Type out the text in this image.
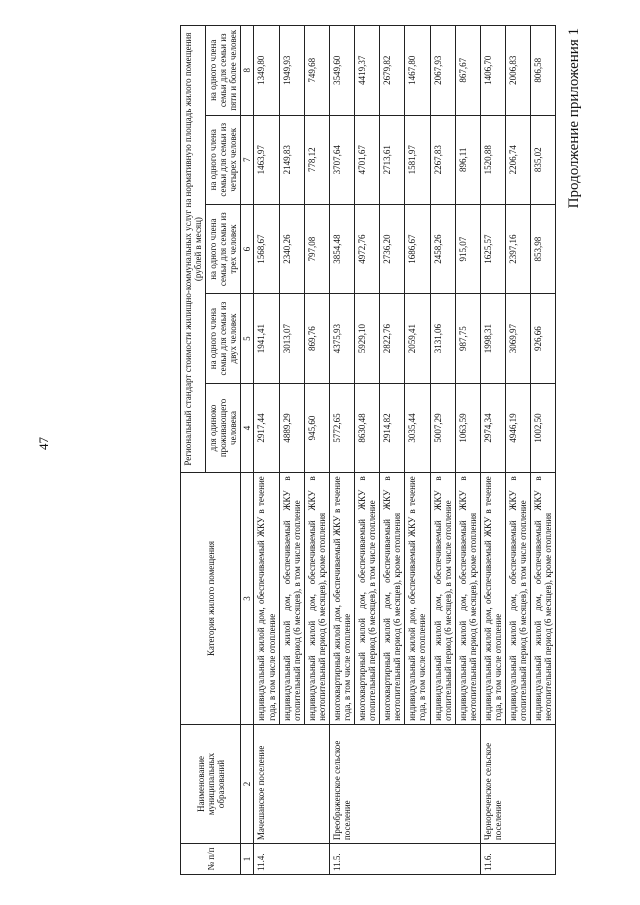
47
Продолжение приложения 1
№ п/п	Наименование муниципальных образований	Категория жилого помещения	Региональный стандарт стоимости жилищно-коммунальных услуг на нормативную площадь жилого помещения (рублей в месяц)				
			для одиноко проживающего человека	на одного члена семьи для семьи из двух человек	на одного члена семьи для семьи из трех человек	на одного члена семьи для семьи из четырех человек	на одного члена семьи для семьи из пяти и более человек
1	2	3	4	5	6	7	8
11.4.	Мачешанское поселение	индивидуальный жилой дом, обеспечиваемый ЖКУ в течение года, в том числе отопление	2917,44	1941,41	1568,67	1463,97	1349,80
		индивидуальный жилой дом, обеспечиваемый ЖКУ в отопительный период (6 месяцев), в том числе отопление	4889,29	3013,07	2340,26	2149,83	1949,93
		индивидуальный жилой дом, обеспечиваемый ЖКУ в неотопительный период (6 месяцев), кроме отопления	945,60	869,76	797,08	778,12	749,68
11.5.	Преображенское сельское поселение	многоквартирный жилой дом, обеспечиваемый ЖКУ в течение года, в том числе отопление	5772,65	4375,93	3854,48	3707,64	3549,60
		многоквартирный жилой дом, обеспечиваемый ЖКУ в отопительный период (6 месяцев), в том числе отопление	8630,48	5929,10	4972,76	4701,67	4419,37
		многоквартирный жилой дом, обеспечиваемый ЖКУ в неотопительный период (6 месяцев), кроме отопления	2914,82	2822,76	2736,20	2713,61	2679,82
		индивидуальный жилой дом, обеспечиваемый ЖКУ в течение года, в том числе отопление	3035,44	2059,41	1686,67	1581,97	1467,80
		индивидуальный жилой дом, обеспечиваемый ЖКУ в отопительный период (6 месяцев), в том числе отопление	5007,29	3131,06	2458,26	2267,83	2067,93
		индивидуальный жилой дом, обеспечиваемый ЖКУ в неотопительный период (6 месяцев), кроме отопления	1063,59	987,75	915,07	896,11	867,67
11.6.	Чернореченское сельское поселение	индивидуальный жилой дом, обеспечиваемый ЖКУ в течение года, в том числе отопление	2974,34	1998,31	1625,57	1520,88	1406,70
		индивидуальный жилой дом, обеспечиваемый ЖКУ в отопительный период (6 месяцев), в том числе отопление	4946,19	3069,97	2397,16	2206,74	2006,83
		индивидуальный жилой дом, обеспечиваемый ЖКУ в неотопительный период (6 месяцев), кроме отопления	1002,50	926,66	853,98	835,02	806,58
